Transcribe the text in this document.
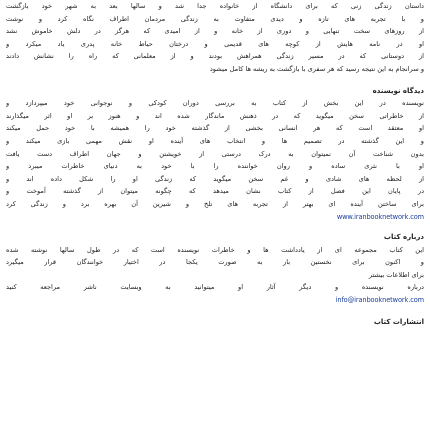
داستان زندگی زنی که برای دانشگاه از خانواده جدا شد و سالها بعد به شهر خود بازگشت
و با تجربه های تازه و دیدی متفاوت به زندگی مردمان اطراف نگاه کرد و نوشت
از روزهای سخت تنهایی و دوری از خانه و از امیدی که هرگز در دلش خاموش نشد
او در نامه هایش از کوچه های قدیمی و درختان حیاط خانه پدری یاد میکرد و
از دوستانی که در مسیر زندگی همراهش بودند و از معلمانی که راه را نشانش دادند
و سرانجام به این نتیجه رسید که هر سفری با بازگشت به ریشه ها کامل میشود
دیدگاه نویسنده
نویسنده در این بخش از کتاب به بررسی دوران کودکی و نوجوانی خود میپردازد و
از خاطراتی سخن میگوید که در ذهنش ماندگار شده اند و هنوز بر او اثر میگذارند
او معتقد است که هر انسانی بخشی از گذشته خود را همیشه با خود حمل میکند
و این گذشته در تصمیم ها و انتخاب های آینده او نقش مهمی بازی میکند و
بدون شناخت آن نمیتوان به درک درستی از خویشتن و جهان اطراف دست یافت
او با نثری ساده و روان خواننده را با خود به دنیای خاطرات میبرد و
از لحظه های شادی و غم سخن میگوید که زندگی او را شکل داده اند و
در پایان این فصل از کتاب نشان میدهد که چگونه میتوان از گذشته آموخت و
برای ساختن آینده ای بهتر از تجربه های تلخ و شیرین آن بهره برد و زندگی کرد
www.iranbooknetwork.com
درباره کتاب
این کتاب مجموعه ای از یادداشت ها و خاطرات نویسنده است که در طول سالها نوشته شده
و اکنون برای نخستین بار به صورت یکجا در اختیار خوانندگان قرار میگیرد
برای اطلاعات بیشتر
درباره نویسنده و دیگر آثار او میتوانید به وبسایت ناشر مراجعه کنید
info@iranbooknetwork.com
انتشارات کتاب
